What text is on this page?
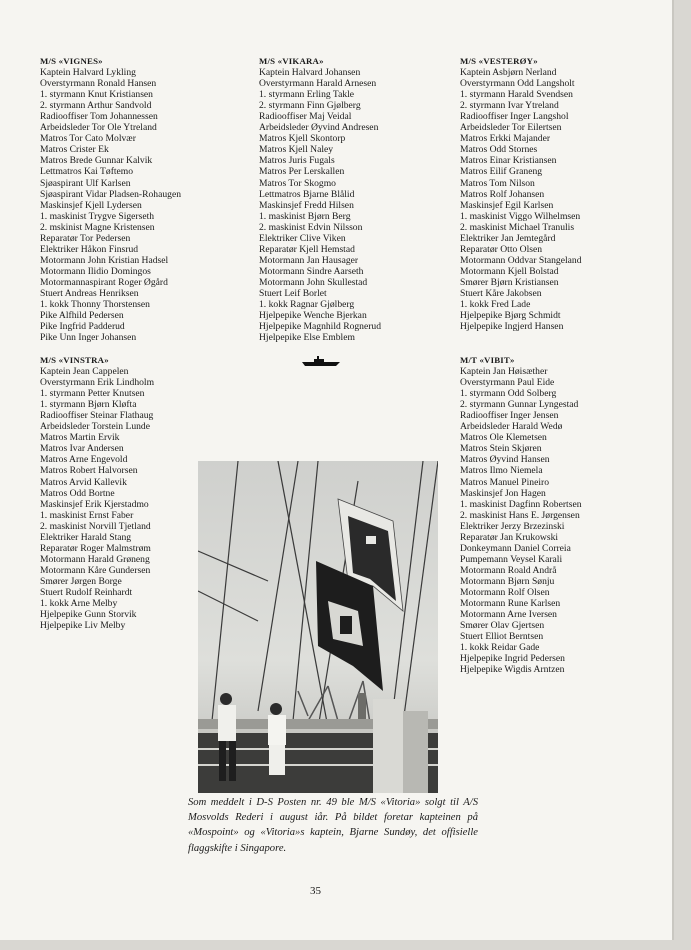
M/S «VIGNES»
Kaptein Halvard Lykling
Overstyrmann Ronald Hansen
1. styrmann Knut Kristiansen
2. styrmann Arthur Sandvold
Radiooffiser Tom Johannessen
Arbeidsleder Tor Ole Ytreland
Matros Tor Cato Molvær
Matros Crister Ek
Matros Brede Gunnar Kalvik
Lettmatros Kai Tøftemo
Sjøaspirant Ulf Karlsen
Sjøaspirant Vidar Pladsen-Rohaugen
Maskinsjef Kjell Lydersen
1. maskinist Trygve Sigerseth
2. mskinist Magne Kristensen
Reparatør Tor Pedersen
Elektriker Håkon Finsrud
Motormann John Kristian Hadsel
Motormann Ilidio Domingos
Motormannaspirant Roger Øgård
Stuert Andreas Henriksen
1. kokk Thonny Thorstensen
Pike Alfhild Pedersen
Pike Ingfrid Padderud
Pike Unn Inger Johansen
M/S «VIKARA»
Kaptein Halvard Johansen
Overstyrmann Harald Arnesen
1. styrmann Erling Takle
2. styrmann Finn Gjølberg
Radiooffiser Maj Veidal
Arbeidsleder Øyvind Andresen
Matros Kjell Skontorp
Matros Kjell Naley
Matros Juris Fugals
Matros Per Lerskallen
Matros Tor Skogmo
Lettmatros Bjarne Blålid
Maskinsjef Fredd Hilsen
1. maskinist Bjørn Berg
2. maskinist Edvin Nilsson
Elektriker Clive Viken
Reparatør Kjell Hemstad
Motormann Jan Hausager
Motormann Sindre Aarseth
Motormann John Skullestad
Stuert Leif Borlet
1. kokk Ragnar Gjølberg
Hjelpepike Wenche Bjerkan
Hjelpepike Magnhild Rognerud
Hjelpepike Else Emblem
M/S «VESTERØY»
Kaptein Asbjørn Nerland
Overstyrmann Odd Langsholt
1. styrmann Harald Svendsen
2. styrmann Ivar Ytreland
Radiooffiser Inger Langshol
Arbeidsleder Tor Eilertsen
Matros Erkki Majander
Matros Odd Stornes
Matros Einar Kristiansen
Matros Eilif Graneng
Matros Tom Nilson
Matros Rolf Johansen
Maskinsjef Egil Karlsen
1. maskinist Viggo Wilhelmsen
2. maskinist Michael Tranulis
Elektriker Jan Jemtegård
Reparatør Otto Olsen
Motormann Oddvar Stangeland
Motormann Kjell Bolstad
Smører Bjørn Kristiansen
Stuert Kåre Jakobsen
1. kokk Fred Lade
Hjelpepike Bjørg Schmidt
Hjelpepike Ingjerd Hansen
M/S «VINSTRA»
Kaptein Jean Cappelen
Overstyrmann Erik Lindholm
1. styrmann Petter Knutsen
1. styrmann Bjørn Kløfta
Radiooffiser Steinar Flathaug
Arbeidsleder Torstein Lunde
Matros Martin Ervik
Matros Ivar Andersen
Matros Arne Engevold
Matros Robert Halvorsen
Matros Arvid Kallevik
Matros Odd Bortne
Maskinsjef Erik Kjerstadmo
1. maskinist Ernst Faber
2. maskinist Norvill Tjetland
Elektriker Harald Stang
Reparatør Roger Malmstrøm
Motormann Harald Grøneng
Motormann Kåre Gundersen
Smører Jørgen Borge
Stuert Rudolf Reinhardt
1. kokk Arne Melby
Hjelpepike Gunn Storvik
Hjelpepike Liv Melby
M/T «VIBIT»
Kaptein Jan Høisæther
Overstyrmann Paul Eide
1. styrmann Odd Solberg
2. styrmann Gunnar Lyngestad
Radiooffiser Inger Jensen
Arbeidsleder Harald Wedø
Matros Ole Klemetsen
Matros Stein Skjøren
Matros Øyvind Hansen
Matros Ilmo Niemela
Matros Manuel Pineiro
Maskinsjef Jon Hagen
1. maskinist Dagfinn Robertsen
2. maskinist Hans E. Jørgensen
Elektriker Jerzy Brzezinski
Reparatør Jan Krukowski
Donkeymann Daniel Correia
Pumpemann Veysel Karali
Motormann Roald Andrå
Motormann Bjørn Sønju
Motormann Rolf Olsen
Motormann Rune Karlsen
Motormann Arne Iversen
Smører Olav Gjertsen
Stuert Elliot Berntsen
1. kokk Reidar Gade
Hjelpepike Ingrid Pedersen
Hjelpepike Wigdis Arntzen
Som meddelt i D-S Posten nr. 49 ble M/S «Vitoria» solgt til A/S Mosvolds Rederi i august iår. På bildet foretar kapteinen på «Mospoint» og «Vitoria»s kaptein, Bjarne Sundøy, det offisielle flaggskifte i Singapore.
35
